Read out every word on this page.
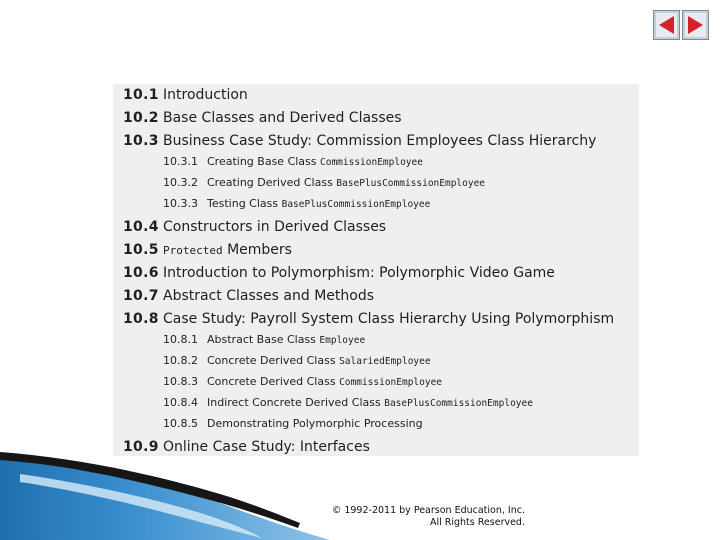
10.1 Introduction
10.2 Base Classes and Derived Classes
10.3 Business Case Study: Commission Employees Class Hierarchy
10.3.1 Creating Base Class CommissionEmployee
10.3.2 Creating Derived Class BasePlusCommissionEmployee
10.3.3 Testing Class BasePlusCommissionEmployee
10.4 Constructors in Derived Classes
10.5 Protected Members
10.6 Introduction to Polymorphism: Polymorphic Video Game
10.7 Abstract Classes and Methods
10.8 Case Study: Payroll System Class Hierarchy Using Polymorphism
10.8.1 Abstract Base Class Employee
10.8.2 Concrete Derived Class SalariedEmployee
10.8.3 Concrete Derived Class CommissionEmployee
10.8.4 Indirect Concrete Derived Class BasePlusCommissionEmployee
10.8.5 Demonstrating Polymorphic Processing
10.9 Online Case Study: Interfaces
© 1992-2011 by Pearson Education, Inc.
All Rights Reserved.
